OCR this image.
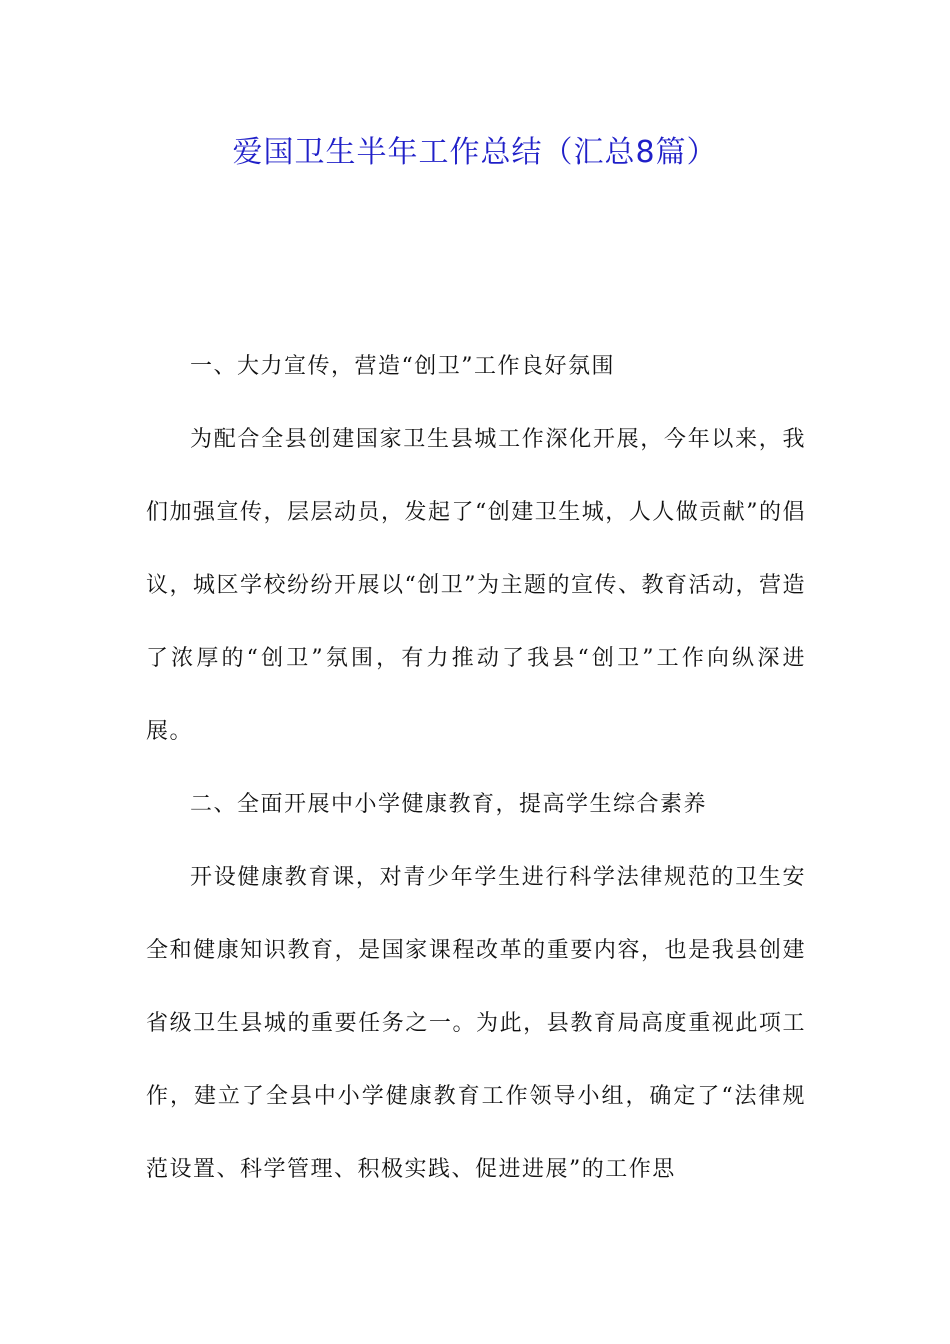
爱国卫生半年工作总结（汇总8篇）

一、大力宣传，营造“创卫”工作良好氛围

为配合全县创建国家卫生县城工作深化开展，今年以来，我们加强宣传，层层动员，发起了“创建卫生城，人人做贡献”的倡议，城区学校纷纷开展以“创卫”为主题的宣传、教育活动，营造了浓厚的“创卫”氛围，有力推动了我县“创卫”工作向纵深进展。

二、全面开展中小学健康教育，提高学生综合素养

开设健康教育课，对青少年学生进行科学法律规范的卫生安全和健康知识教育，是国家课程改革的重要内容，也是我县创建省级卫生县城的重要任务之一。为此，县教育局高度重视此项工作，建立了全县中小学健康教育工作领导小组，确定了“法律规范设置、科学管理、积极实践、促进进展”的工作思
